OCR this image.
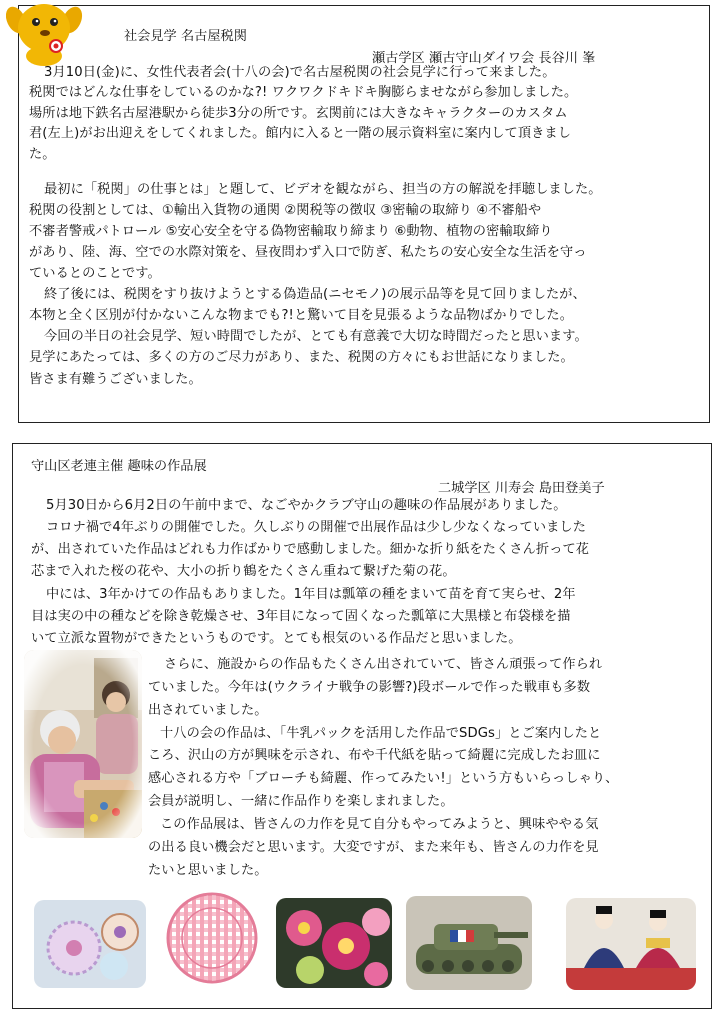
社会見学 名古屋税関
瀬古学区 瀬古守山ダイワ会 長谷川 峯
3月10日(金)に、女性代表者会(十八の会)で名古屋税関の社会見学に行って来ました。
税関ではどんな仕事をしているのかな?! ワクワクドキドキ胸膨らませながら参加しました。
場所は地下鉄名古屋港駅から徒歩3分の所です。玄関前には大きなキャラクターのカスタム
君(左上)がお出迎えをしてくれました。館内に入ると一階の展示資料室に案内して頂きまし
た。
最初に「税関」の仕事とは」と題して、ビデオを観ながら、担当の方の解説を拝聴しました。
税関の役割としては、①輸出入貨物の通関 ②関税等の徴収 ③密輸の取締り ④不審船や
不審者警戒パトロール ⑤安心安全を守る偽物密輸取り締まり ⑥動物、植物の密輸取締り
があり、陸、海、空での水際対策を、昼夜問わず入口で防ぎ、私たちの安心安全な生活を守っ
ているとのことです。
終了後には、税関をすり抜けようとする偽造品(ニセモノ)の展示品等を見て回りましたが、
本物と全く区別が付かないこんな物までも?!と驚いて目を見張るような品物ばかりでした。
今回の半日の社会見学、短い時間でしたが、とても有意義で大切な時間だったと思います。
見学にあたっては、多くの方のご尽力があり、また、税関の方々にもお世話になりました。
皆さま有難うございました。
守山区老連主催 趣味の作品展
二城学区 川寿会 島田登美子
5月30日から6月2日の午前中まで、なごやかクラブ守山の趣味の作品展がありました。
コロナ禍で4年ぶりの開催でした。久しぶりの開催で出展作品は少し少なくなっていました
が、出されていた作品はどれも力作ばかりで感動しました。細かな折り紙をたくさん折って花
芯まで入れた桜の花や、大小の折り鶴をたくさん重ねて繋げた菊の花。
中には、3年かけての作品もありました。1年目は瓢箪の種をまいて苗を育て実らせ、2年
目は実の中の種などを除き乾燥させ、3年目になって固くなった瓢箪に大黒様と布袋様を描
いて立派な置物ができたというものです。とても根気のいる作品だと思いました。
さらに、施設からの作品もたくさん出されていて、皆さん頑張って作られ
ていました。今年は(ウクライナ戦争の影響?)段ボールで作った戦車も多数
出されていました。
十八の会の作品は、「牛乳パックを活用した作品でSDGs」とご案内したと
ころ、沢山の方が興味を示され、布や千代紙を貼って綺麗に完成したお皿に
感心される方や「ブローチも綺麗、作ってみたい!」という方もいらっしゃり、
会員が説明し、一緒に作品作りを楽しまれました。
この作品展は、皆さんの力作を見て自分もやってみようと、興味ややる気
の出る良い機会だと思います。大変ですが、また来年も、皆さんの力作を見
たいと思いました。
